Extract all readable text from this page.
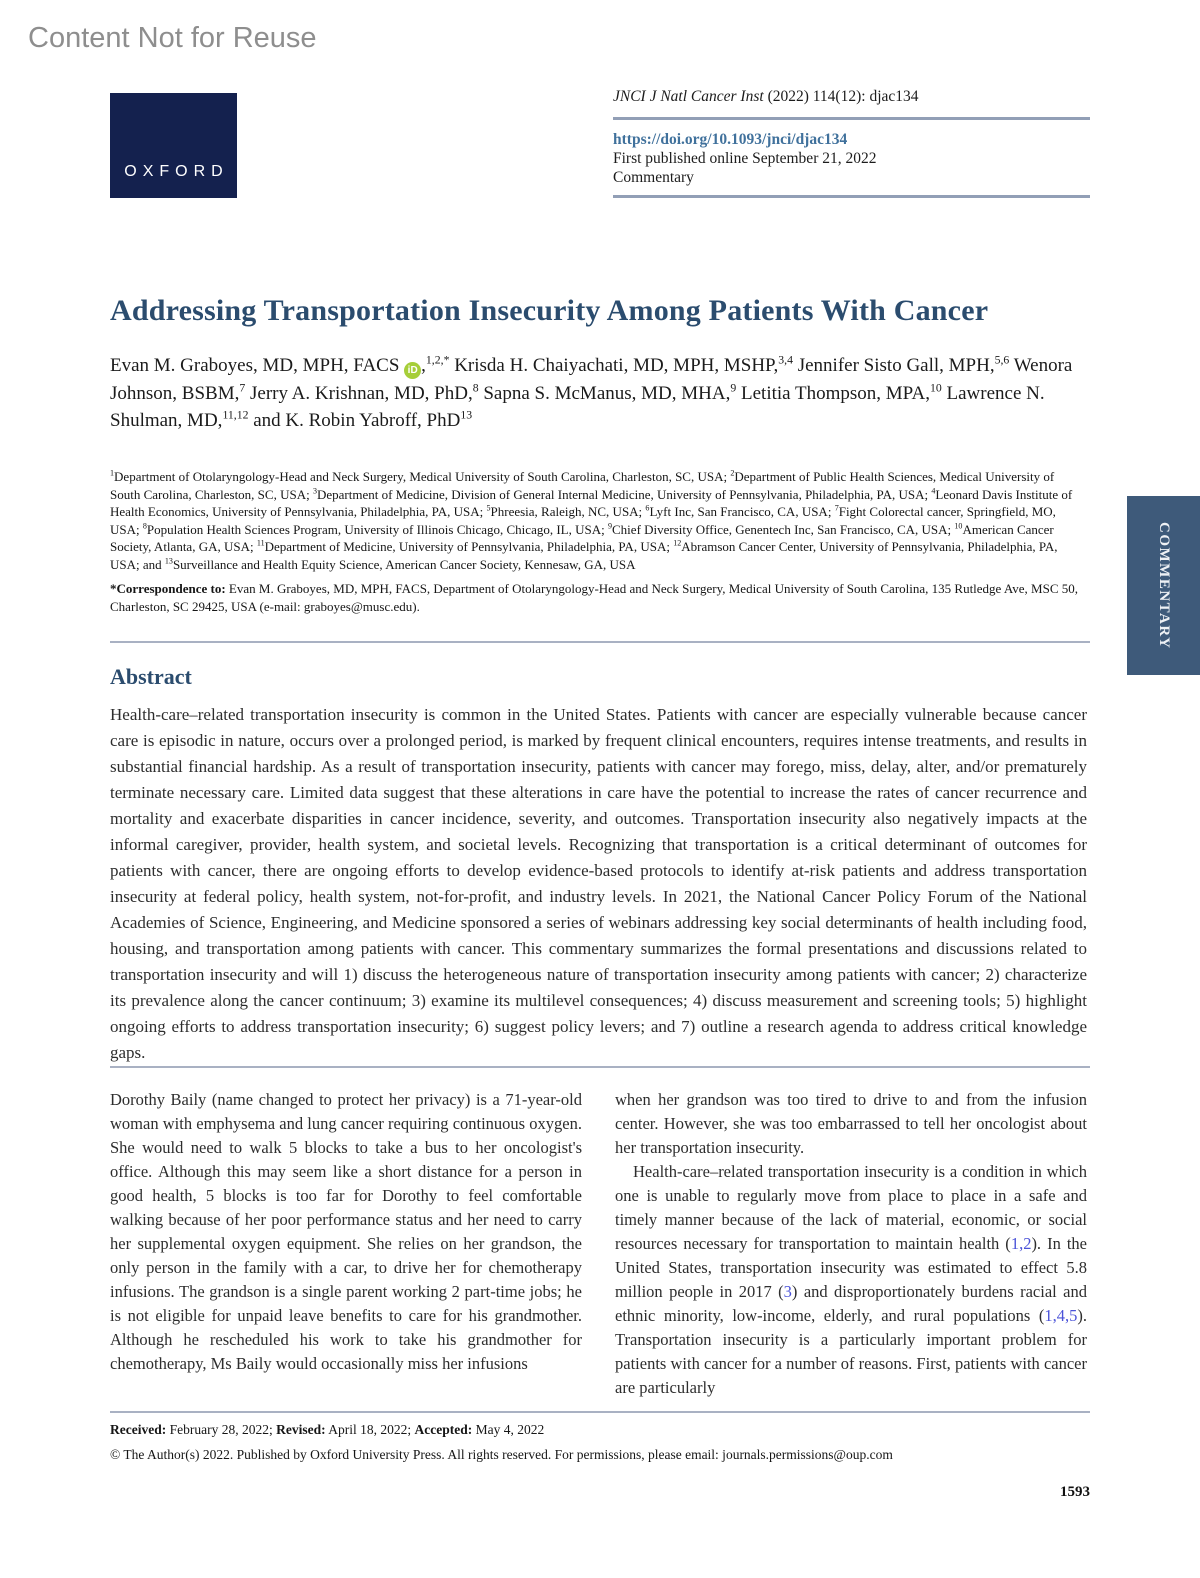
Content Not for Reuse
OXFORD
JNCI J Natl Cancer Inst (2022) 114(12): djac134
https://doi.org/10.1093/jnci/djac134
First published online September 21, 2022
Commentary
Addressing Transportation Insecurity Among Patients With Cancer
Evan M. Graboyes, MD, MPH, FACS iD ,$^{1,2,*}$ Krisda H. Chaiyachati, MD, MPH, MSHP,$^{3,4}$ Jennifer Sisto Gall, MPH,$^{5,6}$ Wenora Johnson, BSBM,$^7$ Jerry A. Krishnan, MD, PhD,$^8$ Sapna S. McManus, MD, MHA,$^9$ Letitia Thompson, MPA,$^{10}$ Lawrence N. Shulman, MD,$^{11,12}$ and K. Robin Yabroff, PhD$^{13}$
$^1$Department of Otolaryngology-Head and Neck Surgery, Medical University of South Carolina, Charleston, SC, USA; $^2$Department of Public Health Sciences, Medical University of South Carolina, Charleston, SC, USA; $^3$Department of Medicine, Division of General Internal Medicine, University of Pennsylvania, Philadelphia, PA, USA; $^4$Leonard Davis Institute of Health Economics, University of Pennsylvania, Philadelphia, PA, USA; $^5$Phreesia, Raleigh, NC, USA; $^6$Lyft Inc, San Francisco, CA, USA; $^7$Fight Colorectal cancer, Springfield, MO, USA; $^8$Population Health Sciences Program, University of Illinois Chicago, Chicago, IL, USA; $^9$Chief Diversity Office, Genentech Inc, San Francisco, CA, USA; $^{10}$American Cancer Society, Atlanta, GA, USA; $^{11}$Department of Medicine, University of Pennsylvania, Philadelphia, PA, USA; $^{12}$Abramson Cancer Center, University of Pennsylvania, Philadelphia, PA, USA; and $^{13}$Surveillance and Health Equity Science, American Cancer Society, Kennesaw, GA, USA
*Correspondence to: Evan M. Graboyes, MD, MPH, FACS, Department of Otolaryngology-Head and Neck Surgery, Medical University of South Carolina, 135 Rutledge Ave, MSC 50, Charleston, SC 29425, USA (e-mail: graboyes@musc.edu).	COMMENTARY
Abstract
Health-care–related transportation insecurity is common in the United States. Patients with cancer are especially vulnerable because cancer care is episodic in nature, occurs over a prolonged period, is marked by frequent clinical encounters, requires intense treatments, and results in substantial financial hardship. As a result of transportation insecurity, patients with cancer may forego, miss, delay, alter, and/or prematurely terminate necessary care. Limited data suggest that these alterations in care have the potential to increase the rates of cancer recurrence and mortality and exacerbate disparities in cancer incidence, severity, and outcomes. Transportation insecurity also negatively impacts at the informal caregiver, provider, health system, and societal levels. Recognizing that transportation is a critical determinant of outcomes for patients with cancer, there are ongoing efforts to develop evidence-based protocols to identify at-risk patients and address transportation insecurity at federal policy, health system, not-for-profit, and industry levels. In 2021, the National Cancer Policy Forum of the National Academies of Science, Engineering, and Medicine sponsored a series of webinars addressing key social determinants of health including food, housing, and transportation among patients with cancer. This commentary summarizes the formal presentations and discussions related to transportation insecurity and will 1) discuss the heterogeneous nature of transportation insecurity among patients with cancer; 2) characterize its prevalence along the cancer continuum; 3) examine its multilevel consequences; 4) discuss measurement and screening tools; 5) highlight ongoing efforts to address transportation insecurity; 6) suggest policy levers; and 7) outline a research agenda to address critical knowledge gaps.

Dorothy Baily (name changed to protect her privacy) is a 71-year-old woman with emphysema and lung cancer requiring continuous oxygen. She would need to walk 5 blocks to take a bus to her oncologist's office. Although this may seem like a short distance for a person in good health, 5 blocks is too far for Dorothy to feel comfortable walking because of her poor performance status and her need to carry her supplemental oxygen equipment. She relies on her grandson, the only person in the family with a car, to drive her for chemotherapy infusions. The grandson is a single parent working 2 part-time jobs; he is not eligible for unpaid leave benefits to care for his grandmother. Although he rescheduled his work to take his grandmother for chemotherapy, Ms Baily would occasionally miss her infusions

when her grandson was too tired to drive to and from the infusion center. However, she was too embarrassed to tell her oncologist about her transportation insecurity.

Health-care–related transportation insecurity is a condition in which one is unable to regularly move from place to place in a safe and timely manner because of the lack of material, economic, or social resources necessary for transportation to maintain health (1,2). In the United States, transportation insecurity was estimated to effect 5.8 million people in 2017 (3) and disproportionately burdens racial and ethnic minority, low-income, elderly, and rural populations (1,4,5). Transportation insecurity is a particularly important problem for patients with cancer for a number of reasons. First, patients with cancer are particularly

Received: February 28, 2022; Revised: April 18, 2022; Accepted: May 4, 2022
© The Author(s) 2022. Published by Oxford University Press. All rights reserved. For permissions, please email: journals.permissions@oup.com
1593
